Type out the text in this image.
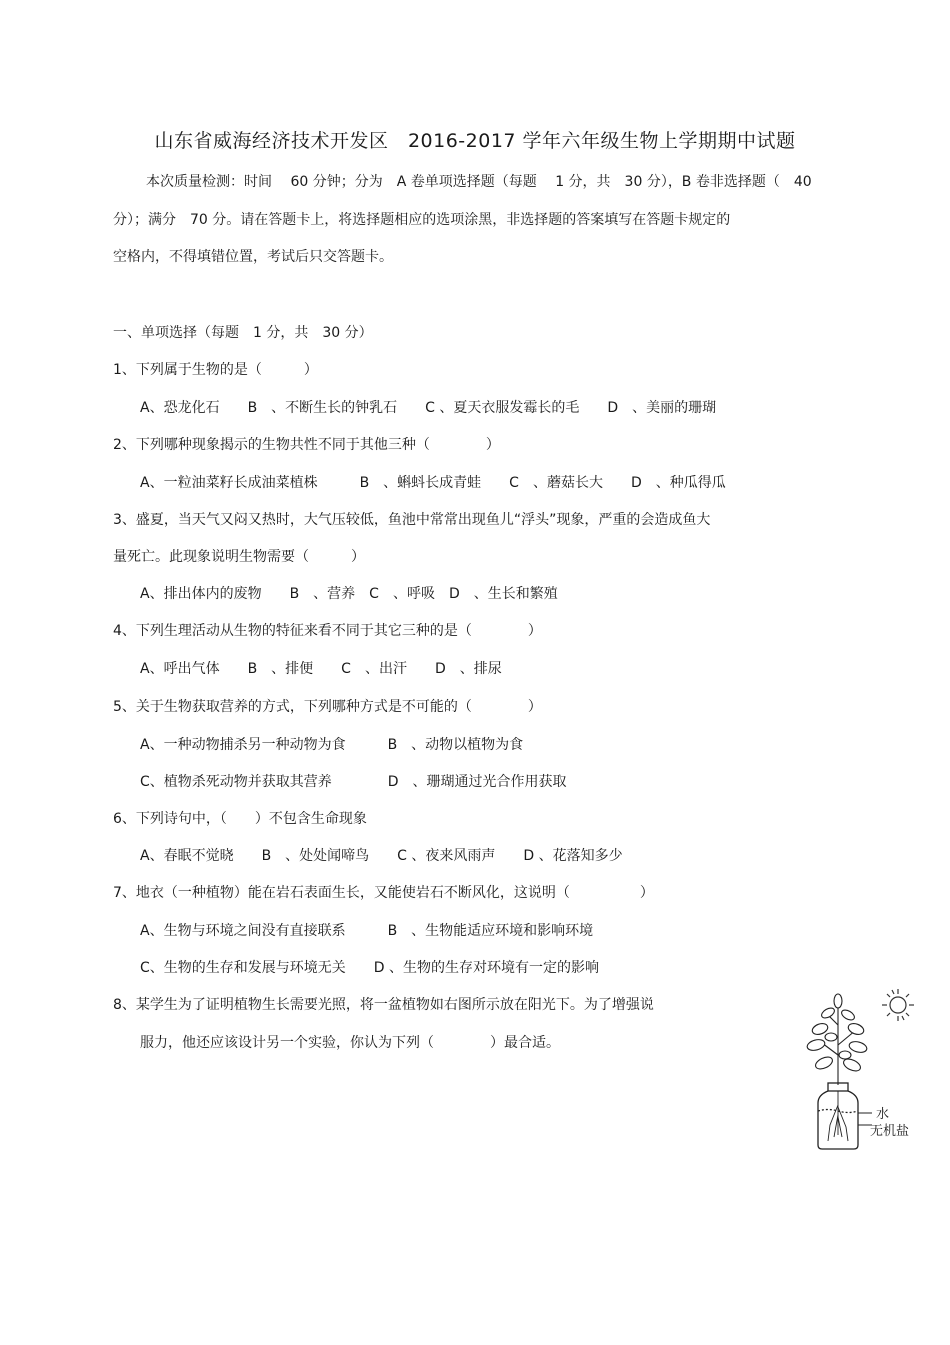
山东省威海经济技术开发区　2016-2017 学年六年级生物上学期期中试题
本次质量检测：时间　 60 分钟；分为　A 卷单项选择题（每题　 1 分，共　30 分），B 卷非选择题（　40
分）；满分　70 分。请在答题卡上，将选择题相应的选项涂黑，非选择题的答案填写在答题卡规定的
空格内，不得填错位置，考试后只交答题卡。
一、单项选择（每题　1 分，共　30 分）
1、下列属于生物的是（　　　）
A、恐龙化石　　B　、不断生长的钟乳石　　C 、夏天衣服发霉长的毛　　D　、美丽的珊瑚
2、下列哪种现象揭示的生物共性不同于其他三种（　　　　）
A、一粒油菜籽长成油菜植株　　　B　、蝌蚪长成青蛙　　C　、蘑菇长大　　D　、种瓜得瓜
3、盛夏，当天气又闷又热时，大气压较低，鱼池中常常出现鱼儿“浮头”现象，严重的会造成鱼大
量死亡。此现象说明生物需要（　　　）
A、排出体内的废物　　B　、营养　C　、呼吸　D　、生长和繁殖
4、下列生理活动从生物的特征来看不同于其它三种的是（　　　　）
A、呼出气体　　B　、排便　　C　、出汗　　D　、排尿
5、关于生物获取营养的方式，下列哪种方式是不可能的（　　　　）
A、一种动物捕杀另一种动物为食　　　B　、动物以植物为食
C、植物杀死动物并获取其营养　　　　D　、珊瑚通过光合作用获取
6、下列诗句中，（　　）不包含生命现象
A、春眠不觉晓　　B　、处处闻啼鸟　　C 、夜来风雨声　　D 、花落知多少
7、地衣（一种植物）能在岩石表面生长，又能使岩石不断风化，这说明（　　　　　）
A、生物与环境之间没有直接联系　　　B　、生物能适应环境和影响环境
C、生物的生存和发展与环境无关　　D 、生物的生存对环境有一定的影响
8、某学生为了证明植物生长需要光照，将一盆植物如右图所示放在阳光下。为了增强说
服力，他还应该设计另一个实验，你认为下列（　　　　）最合适。
水
无机盐
